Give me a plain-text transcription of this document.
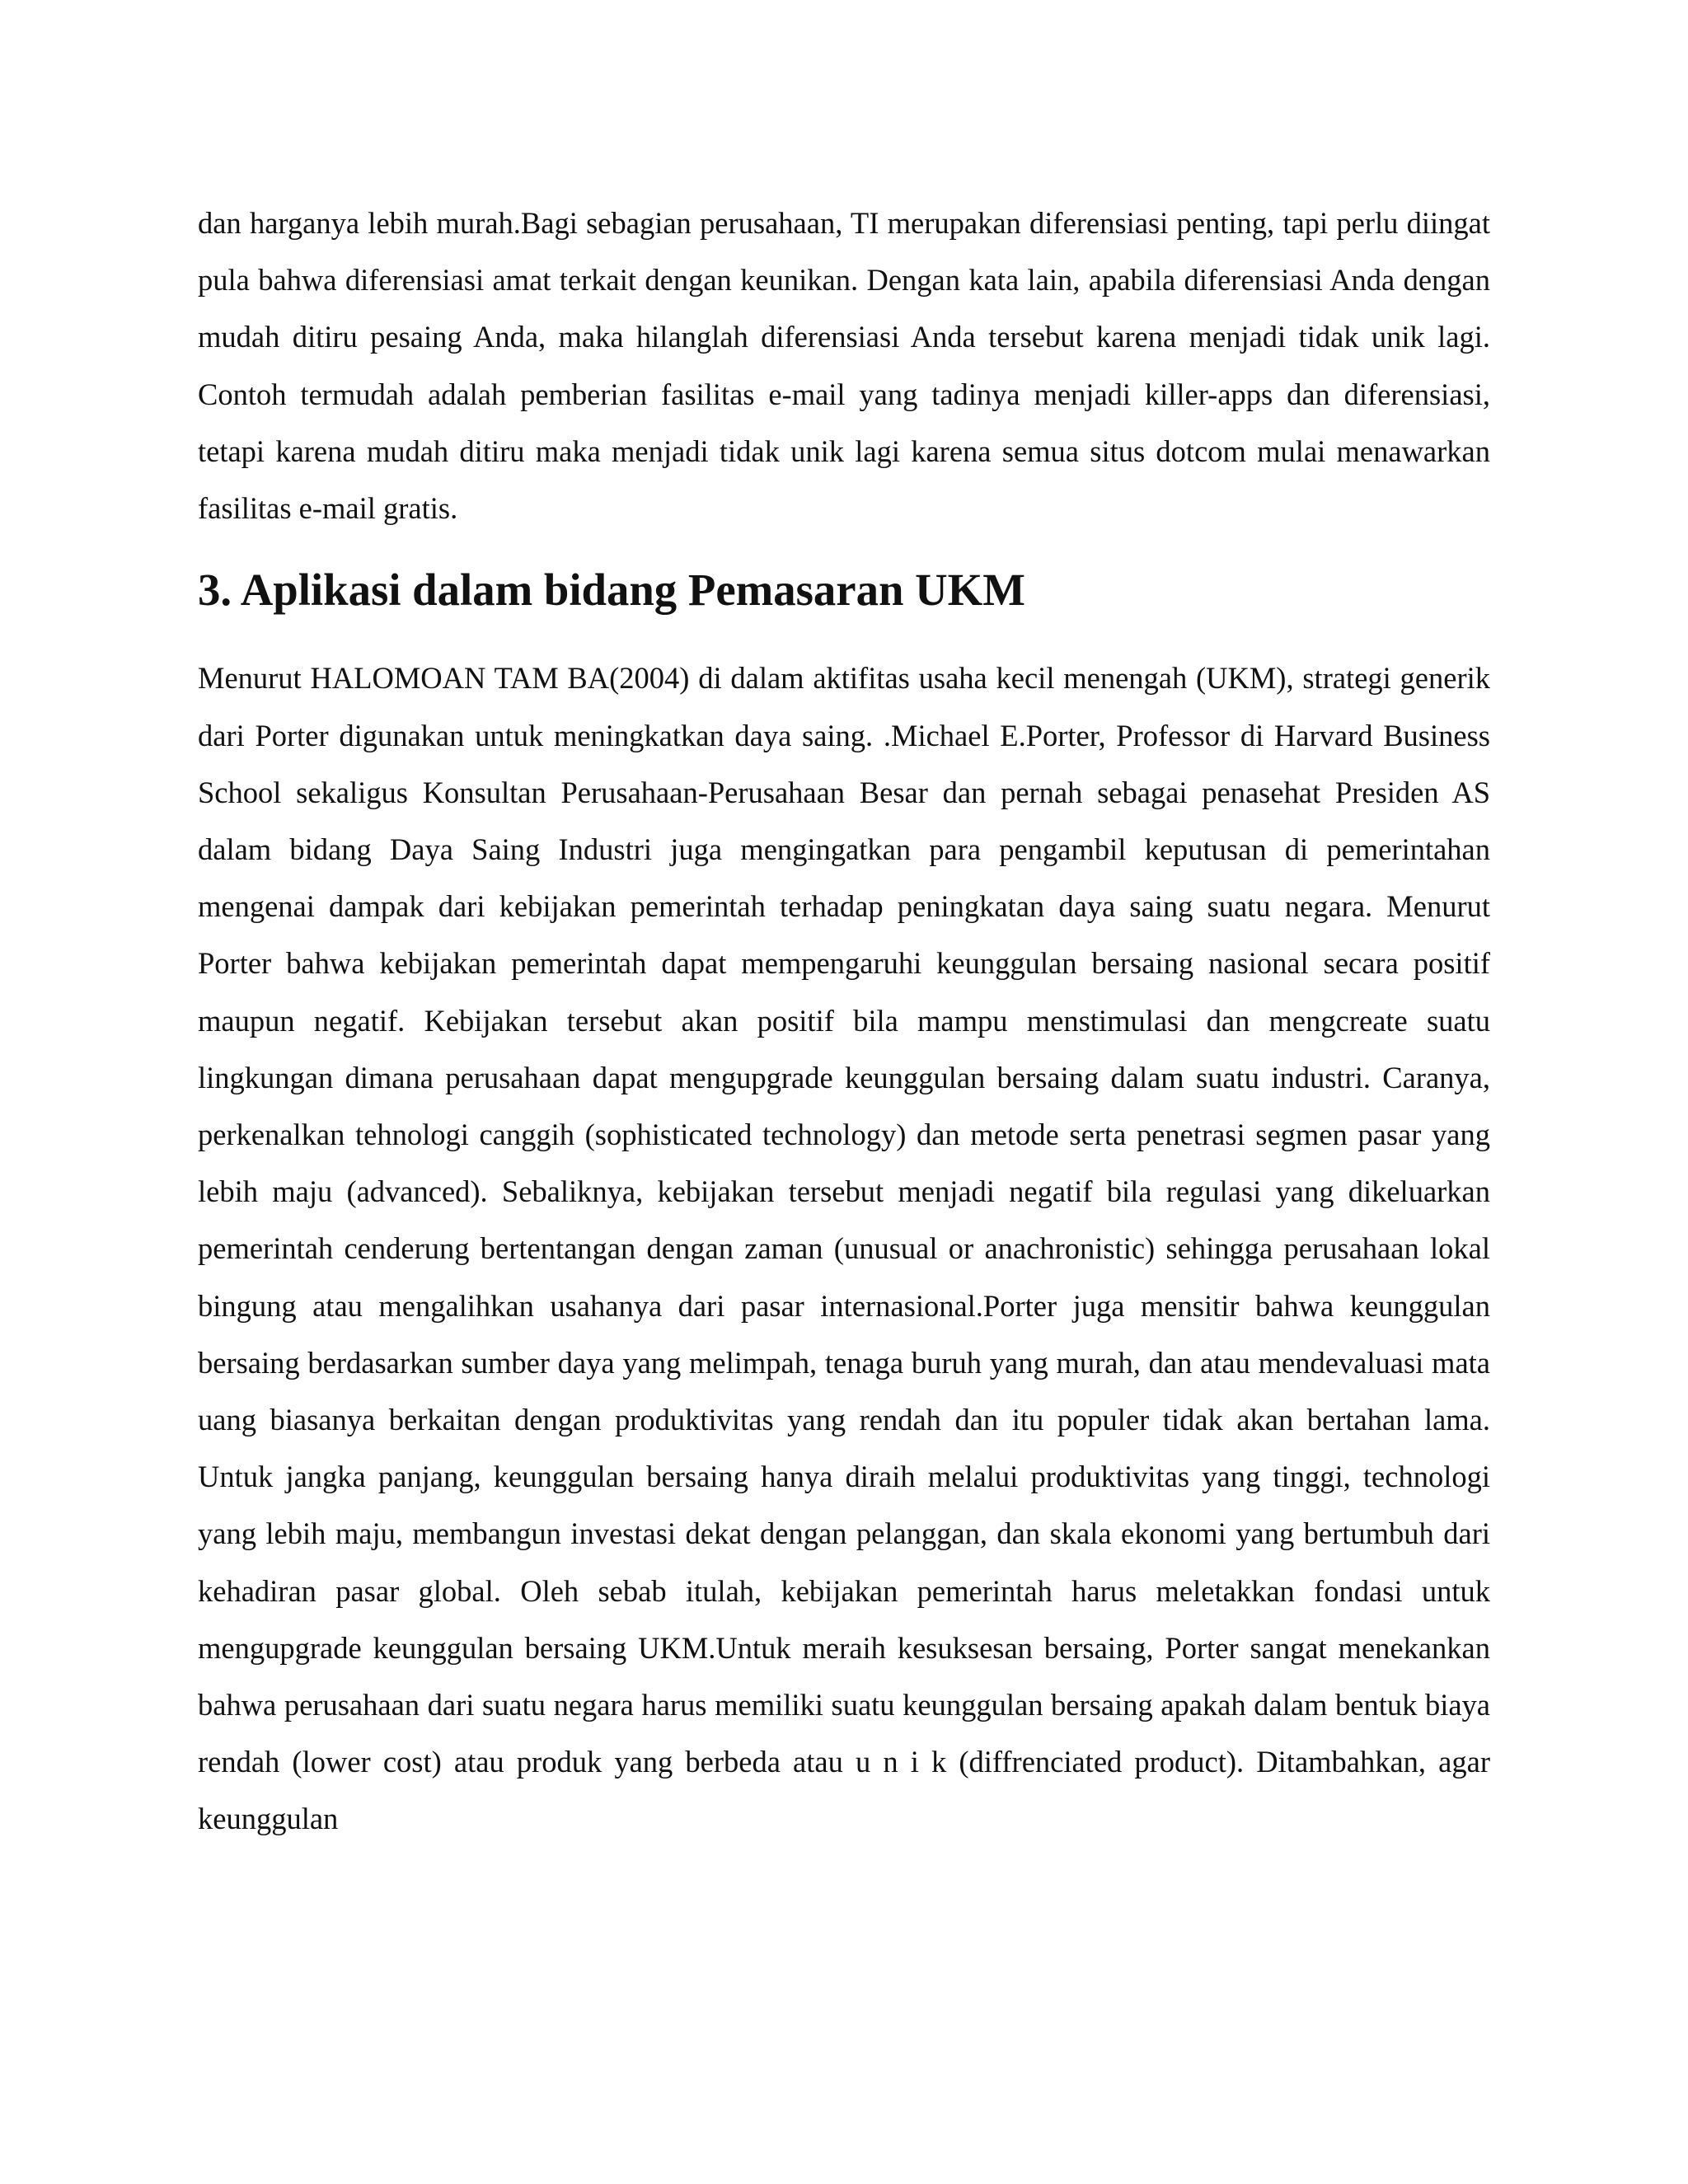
dan harganya lebih murah.Bagi sebagian perusahaan, TI merupakan diferensiasi penting, tapi perlu diingat pula bahwa diferensiasi amat terkait dengan keunikan. Dengan kata lain, apabila diferensiasi Anda dengan mudah ditiru pesaing Anda, maka hilanglah diferensiasi Anda tersebut karena menjadi tidak unik lagi. Contoh termudah adalah pemberian fasilitas e-mail yang tadinya menjadi killer-apps dan diferensiasi, tetapi karena mudah ditiru maka menjadi tidak unik lagi karena semua situs dotcom mulai menawarkan fasilitas e-mail gratis.

3. Aplikasi dalam bidang Pemasaran UKM

Menurut HALOMOAN TAM BA(2004) di dalam aktifitas usaha kecil menengah (UKM), strategi generik dari Porter digunakan untuk meningkatkan daya saing. .Michael E.Porter, Professor di Harvard Business School sekaligus Konsultan Perusahaan-Perusahaan Besar dan pernah sebagai penasehat Presiden AS dalam bidang Daya Saing Industri juga mengingatkan para pengambil keputusan di pemerintahan mengenai dampak dari kebijakan pemerintah terhadap peningkatan daya saing suatu negara. Menurut Porter bahwa kebijakan pemerintah dapat mempengaruhi keunggulan bersaing nasional secara positif maupun negatif. Kebijakan tersebut akan positif bila mampu menstimulasi dan mengcreate suatu lingkungan dimana perusahaan dapat mengupgrade keunggulan bersaing dalam suatu industri. Caranya, perkenalkan tehnologi canggih (sophisticated technology) dan metode serta penetrasi segmen pasar yang lebih maju (advanced). Sebaliknya, kebijakan tersebut menjadi negatif bila regulasi yang dikeluarkan pemerintah cenderung bertentangan dengan zaman (unusual or anachronistic) sehingga perusahaan lokal bingung atau mengalihkan usahanya dari pasar internasional.Porter juga mensitir bahwa keunggulan bersaing berdasarkan sumber daya yang melimpah, tenaga buruh yang murah, dan atau mendevaluasi mata uang biasanya berkaitan dengan produktivitas yang rendah dan itu populer tidak akan bertahan lama. Untuk jangka panjang, keunggulan bersaing hanya diraih melalui produktivitas yang tinggi, technologi yang lebih maju, membangun investasi dekat dengan pelanggan, dan skala ekonomi yang bertumbuh dari kehadiran pasar global. Oleh sebab itulah, kebijakan pemerintah harus meletakkan fondasi untuk mengupgrade keunggulan bersaing UKM.Untuk meraih kesuksesan bersaing, Porter sangat menekankan bahwa perusahaan dari suatu negara harus memiliki suatu keunggulan bersaing apakah dalam bentuk biaya rendah (lower cost) atau produk yang berbeda atau u n i k (diffrenciated product). Ditambahkan, agar keunggulan
